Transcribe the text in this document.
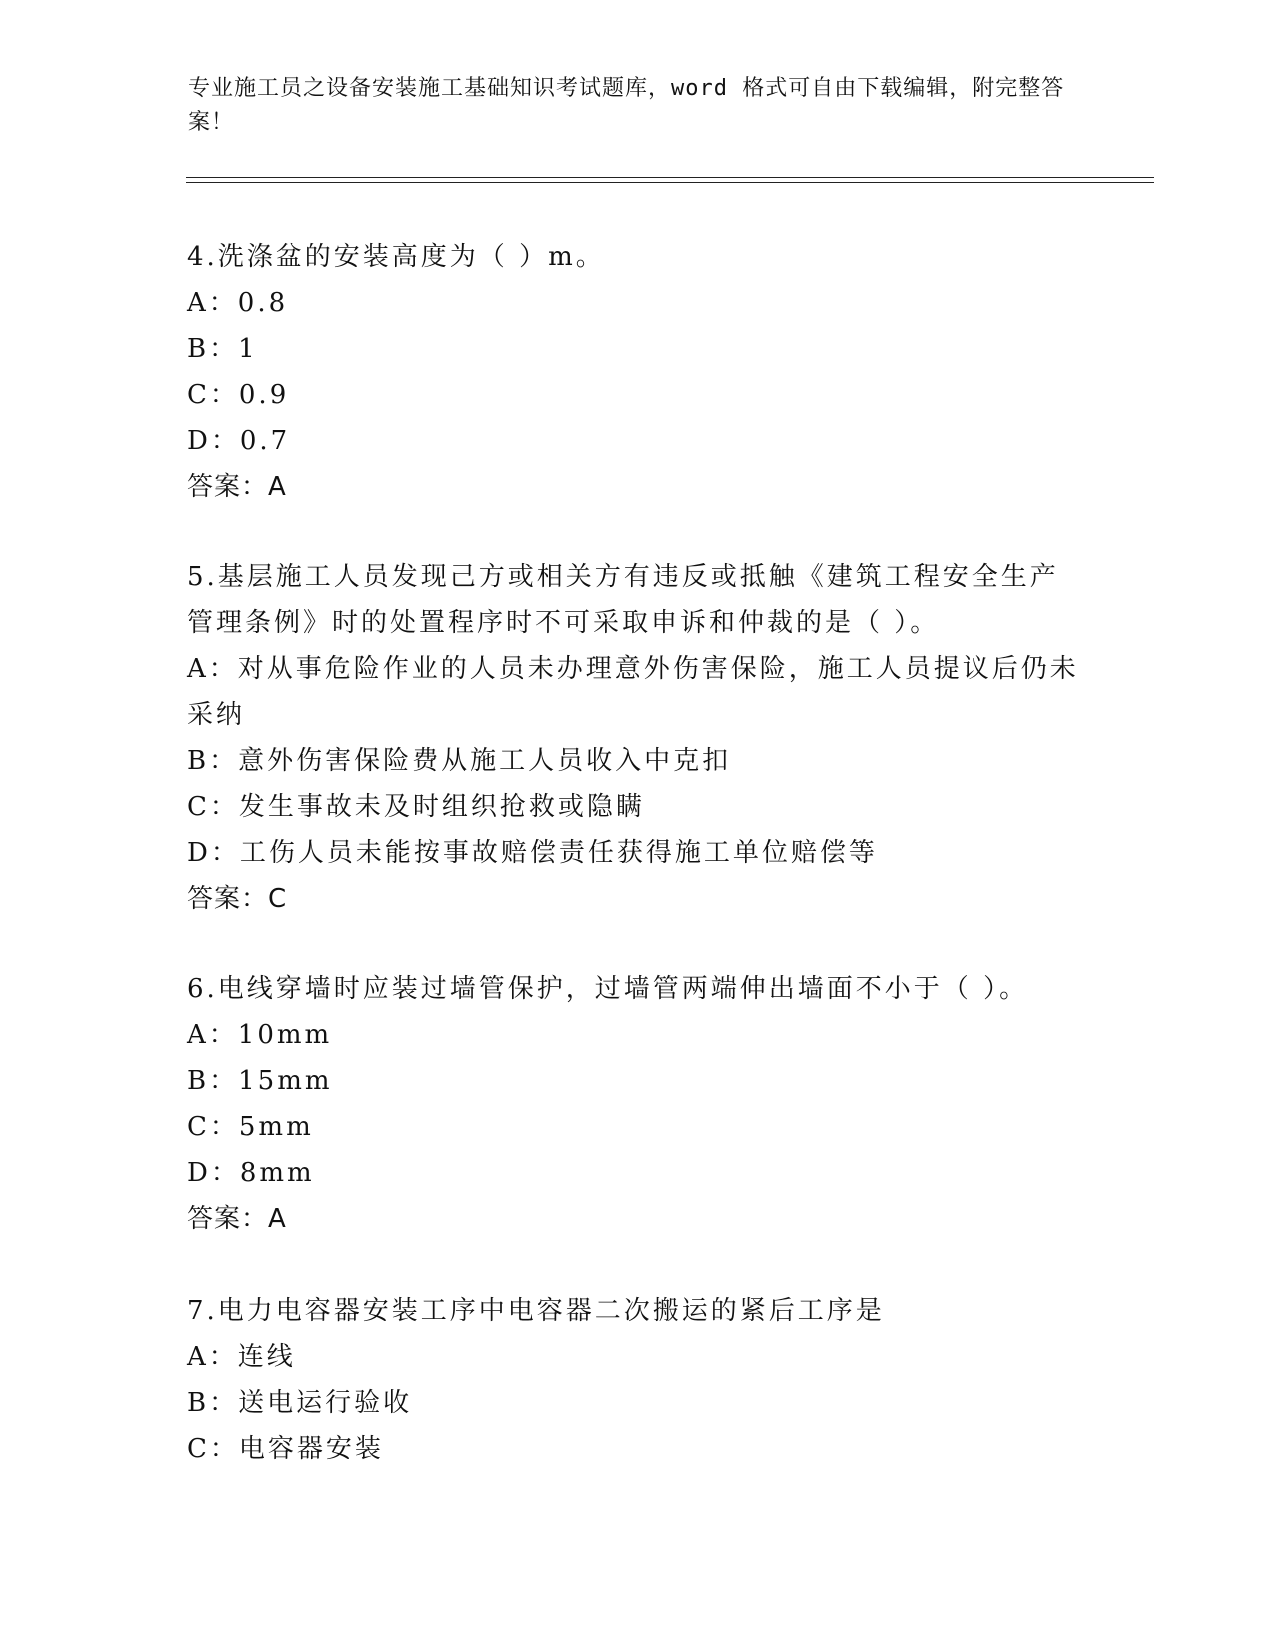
专业施工员之设备安装施工基础知识考试题库，word 格式可自由下载编辑，附完整答案！
4.洗涤盆的安装高度为（ ）m。
A：0.8
B：1
C：0.9
D：0.7
答案：A
5.基层施工人员发现己方或相关方有违反或抵触《建筑工程安全生产
管理条例》时的处置程序时不可采取申诉和仲裁的是（ ）。
A：对从事危险作业的人员未办理意外伤害保险，施工人员提议后仍未
采纳
B：意外伤害保险费从施工人员收入中克扣
C：发生事故未及时组织抢救或隐瞒
D：工伤人员未能按事故赔偿责任获得施工单位赔偿等
答案：C
6.电线穿墙时应装过墙管保护，过墙管两端伸出墙面不小于（ ）。
A：10mm
B：15mm
C：5mm
D：8mm
答案：A
7.电力电容器安装工序中电容器二次搬运的紧后工序是
A：连线
B：送电运行验收
C：电容器安装
